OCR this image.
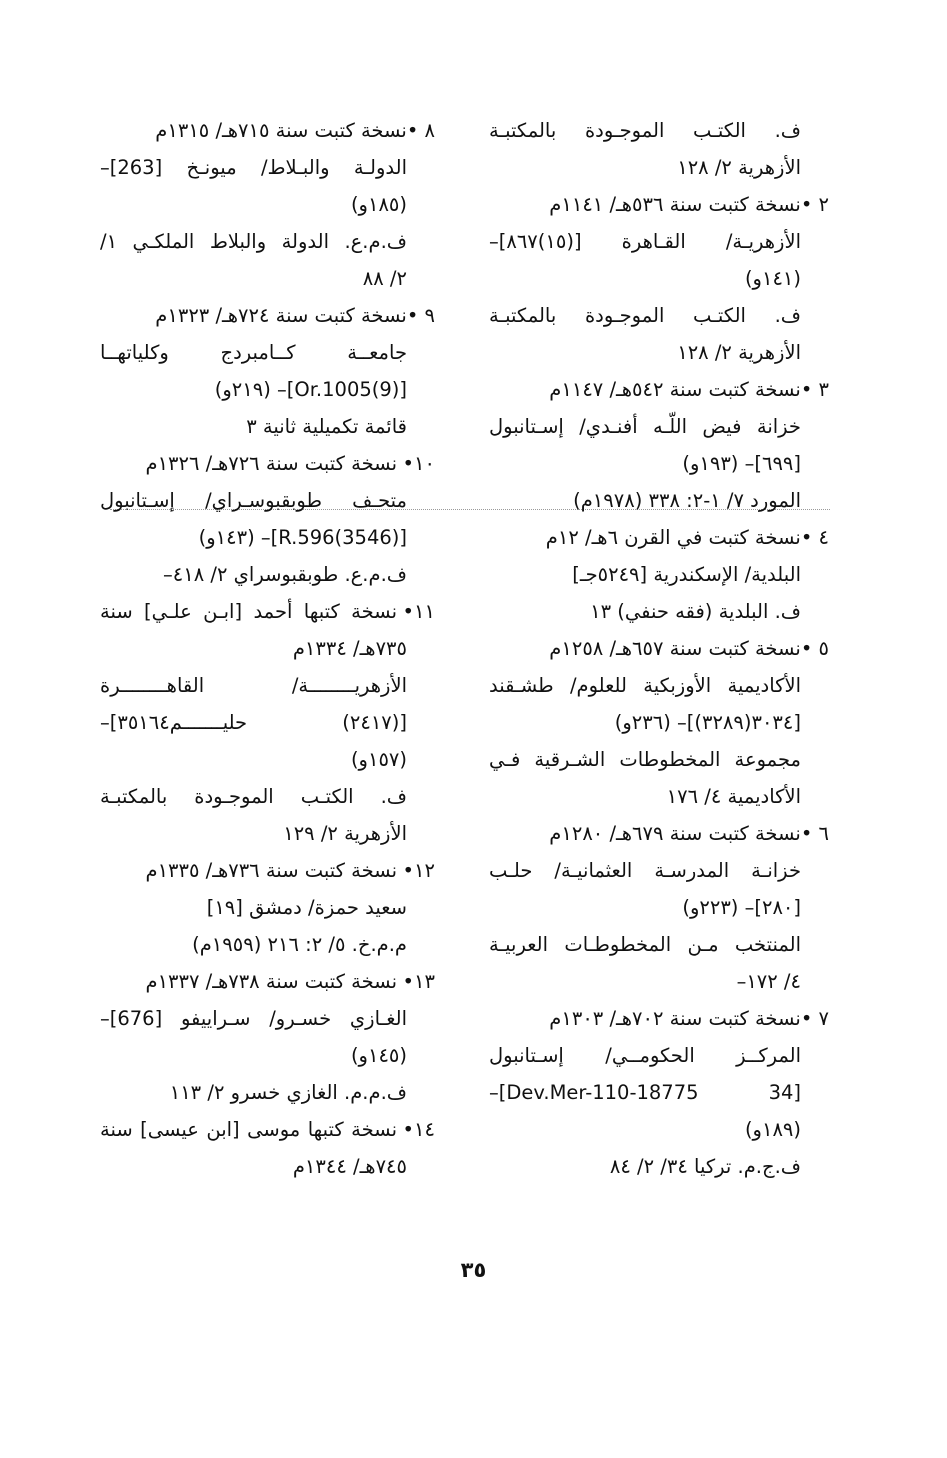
ف. الكتـب الموجـودة بالمكتبـة
الأزهرية ٢/ ١٢٨
٢ •
نسخة كتبت سنة ٥٣٦هـ/ ١١٤١م
الأزهريـة/ القـاهرة [(١٥)٨٦٧]–
(١٤١و)
ف. الكتـب الموجـودة بالمكتبـة
الأزهرية ٢/ ١٢٨
٣ •
نسخة كتبت سنة ٥٤٢هـ/ ١١٤٧م
خزانة فيض اللّـه أفنـدي/ إسـتانبول
[٦٩٩]– (١٩٣و)
المورد ٧/ ١-٢: ٣٣٨ (١٩٧٨م)
٤ •
نسخة كتبت في القرن ٦هـ/ ١٢م
البلدية/ الإسكندرية [٥٢٤٩جـ]
ف. البلدية (فقه حنفي) ١٣
٥ •
نسخة كتبت سنة ٦٥٧هـ/ ١٢٥٨م
الأكاديمية الأوزبكية للعلوم/ طشـقند
[٣٠٣٤(٣٢٨٩)]– (٢٣٦و)
مجموعة المخطوطات الشـرقية فـي
الأكاديمية ٤/ ١٧٦
٦ •
نسخة كتبت سنة ٦٧٩هـ/ ١٢٨٠م
خزانـة المدرسـة العثمانيـة/ حلـب
[٢٨٠]– (٢٢٣و)
المنتخب مـن المخطوطـات العربيـة
٤/ ١٧٢–
٧ •
نسخة كتبت سنة ٧٠٢هـ/ ١٣٠٣م
المركــز الحكومــي/ إسـتانبول
[34 Dev.Mer-110-18775]–
(١٨٩و)
ف.ج.م. تركيا ٣٤/ ٢/ ٨٤
٨ •
نسخة كتبت سنة ٧١٥هـ/ ١٣١٥م
الدولـة والبـلاط/ ميونـخ [263]–
(١٨٥و)
ف.م.ع. الدولة والبلاط الملكـي ١/
٢/ ٨٨
٩ •
نسخة كتبت سنة ٧٢٤هـ/ ١٣٢٣م
جامعــة كــامبردج وكلياتهــا
[Or.1005(9)]– (٢١٩و)
قائمة تكميلية ثانية ٣
١٠•
نسخة كتبت سنة ٧٢٦هـ/ ١٣٢٦م
متحـف طوبقبوسـراي/ إسـتانبول
[R.596(3546)]– (١٤٣و)
ف.م.ع. طوبقبوسراي ٢/ ٤١٨–
١١•
نسخة كتبها أحمد [ابـن علـي] سنة
٧٣٥هـ/ ١٣٣٤م
الأزهريــــــــة/ القاهــــــــرة
[(٢٤١٧) حليـــــــم٣٥١٦٤]–
(١٥٧و)
ف. الكتـب الموجـودة بالمكتبـة
الأزهرية ٢/ ١٢٩
١٢•
نسخة كتبت سنة ٧٣٦هـ/ ١٣٣٥م
سعيد حمزة/ دمشق [١٩]
م.م.خ. ٥/ ٢: ٢١٦ (١٩٥٩م)
١٣•
نسخة كتبت سنة ٧٣٨هـ/ ١٣٣٧م
الغـازي خسـرو/ سـراييفو [676]–
(١٤٥و)
ف.م.م. الغازي خسرو ٢/ ١١٣
١٤•
نسخة كتبها موسى [ابن عيسى] سنة
٧٤٥هـ/ ١٣٤٤م
٣٥
